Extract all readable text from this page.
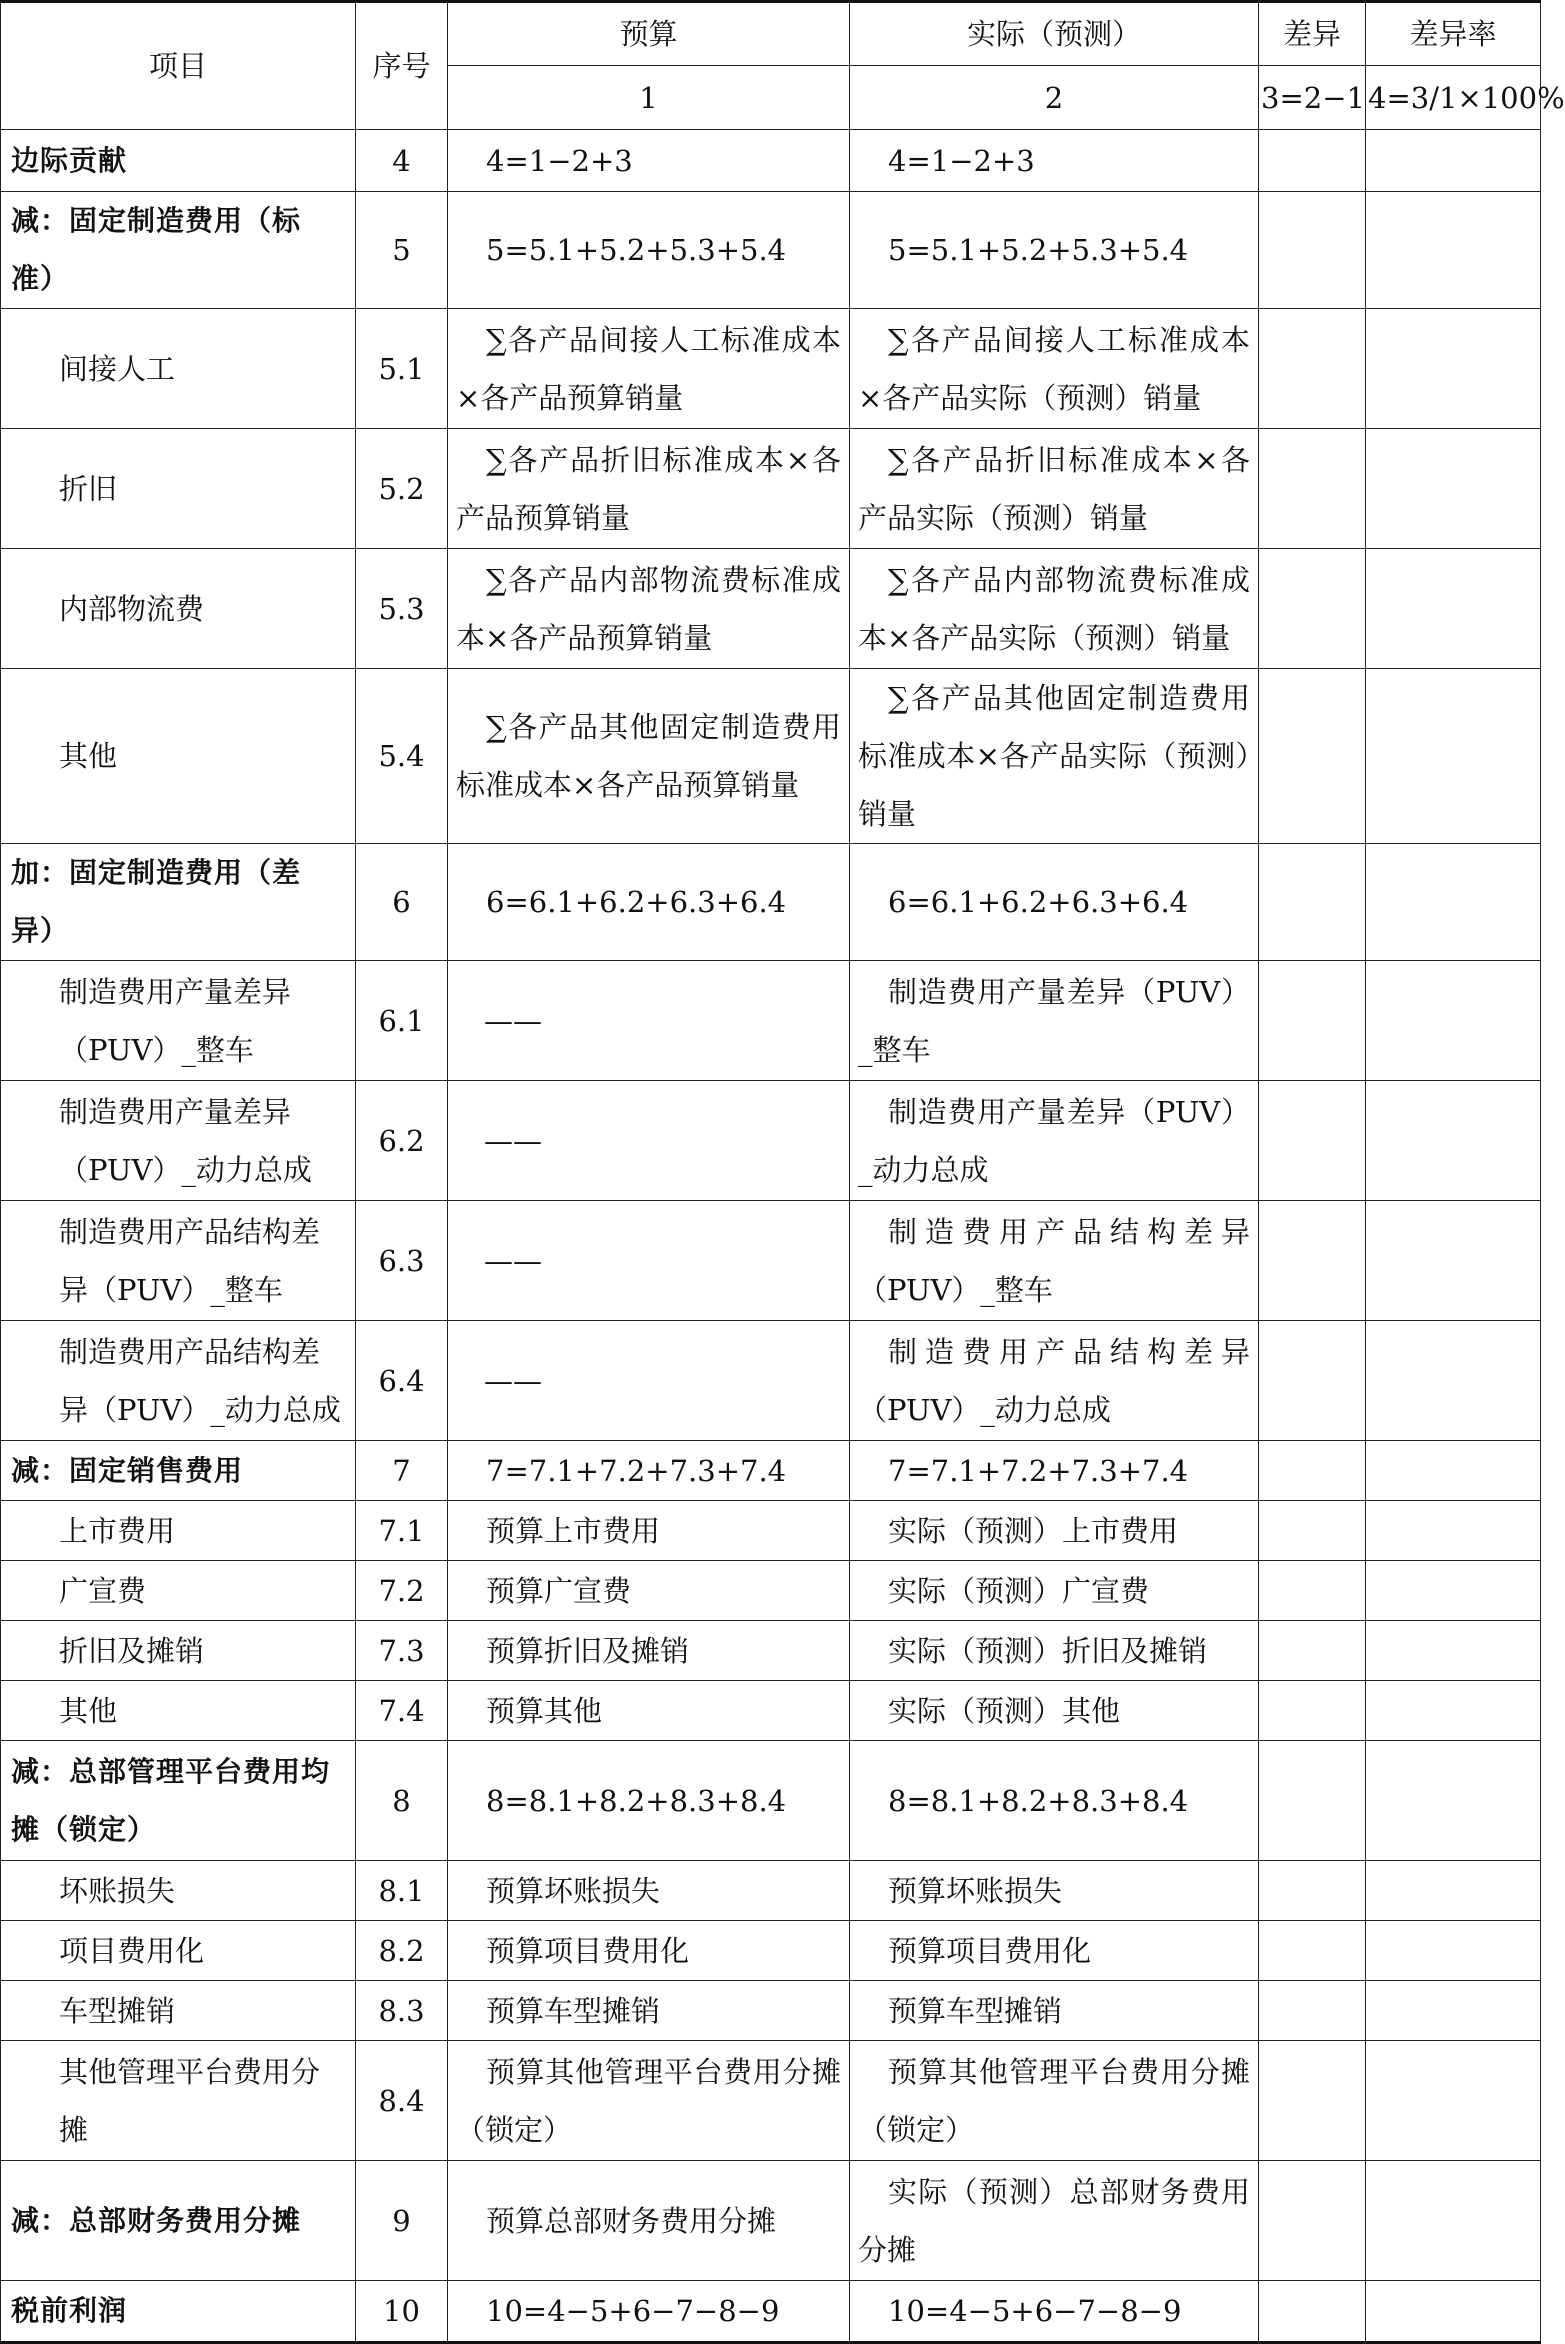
项目	序号	预算	实际（预测）	差异	差异率
		1	2	3=2−1	4=3/1×100%
边际贡献	4	4=1−2+3	4=1−2+3		
减：固定制造费用（标准）	5	5=5.1+5.2+5.3+5.4	5=5.1+5.2+5.3+5.4		
间接人工	5.1	∑各产品间接人工标准成本×各产品预算销量	∑各产品间接人工标准成本×各产品实际（预测）销量		
折旧	5.2	∑各产品折旧标准成本×各产品预算销量	∑各产品折旧标准成本×各产品实际（预测）销量		
内部物流费	5.3	∑各产品内部物流费标准成本×各产品预算销量	∑各产品内部物流费标准成本×各产品实际（预测）销量		
其他	5.4	∑各产品其他固定制造费用标准成本×各产品预算销量	∑各产品其他固定制造费用标准成本×各产品实际（预测）销量		
加：固定制造费用（差异）	6	6=6.1+6.2+6.3+6.4	6=6.1+6.2+6.3+6.4		
制造费用产量差异（PUV）_整车	6.1	——	制造费用产量差异（PUV）_整车		
制造费用产量差异（PUV）_动力总成	6.2	——	制造费用产量差异（PUV）_动力总成		
制造费用产品结构差异（PUV）_整车	6.3	——	制造费用产品结构差异（PUV）_整车		
制造费用产品结构差异（PUV）_动力总成	6.4	——	制造费用产品结构差异（PUV）_动力总成		
减：固定销售费用	7	7=7.1+7.2+7.3+7.4	7=7.1+7.2+7.3+7.4		
上市费用	7.1	预算上市费用	实际（预测）上市费用		
广宣费	7.2	预算广宣费	实际（预测）广宣费		
折旧及摊销	7.3	预算折旧及摊销	实际（预测）折旧及摊销		
其他	7.4	预算其他	实际（预测）其他		
减：总部管理平台费用均摊（锁定）	8	8=8.1+8.2+8.3+8.4	8=8.1+8.2+8.3+8.4		
坏账损失	8.1	预算坏账损失	预算坏账损失		
项目费用化	8.2	预算项目费用化	预算项目费用化		
车型摊销	8.3	预算车型摊销	预算车型摊销		
其他管理平台费用分摊	8.4	预算其他管理平台费用分摊（锁定）	预算其他管理平台费用分摊（锁定）		
减：总部财务费用分摊	9	预算总部财务费用分摊	实际（预测）总部财务费用分摊		
税前利润	10	10=4−5+6−7−8−9	10=4−5+6−7−8−9		
